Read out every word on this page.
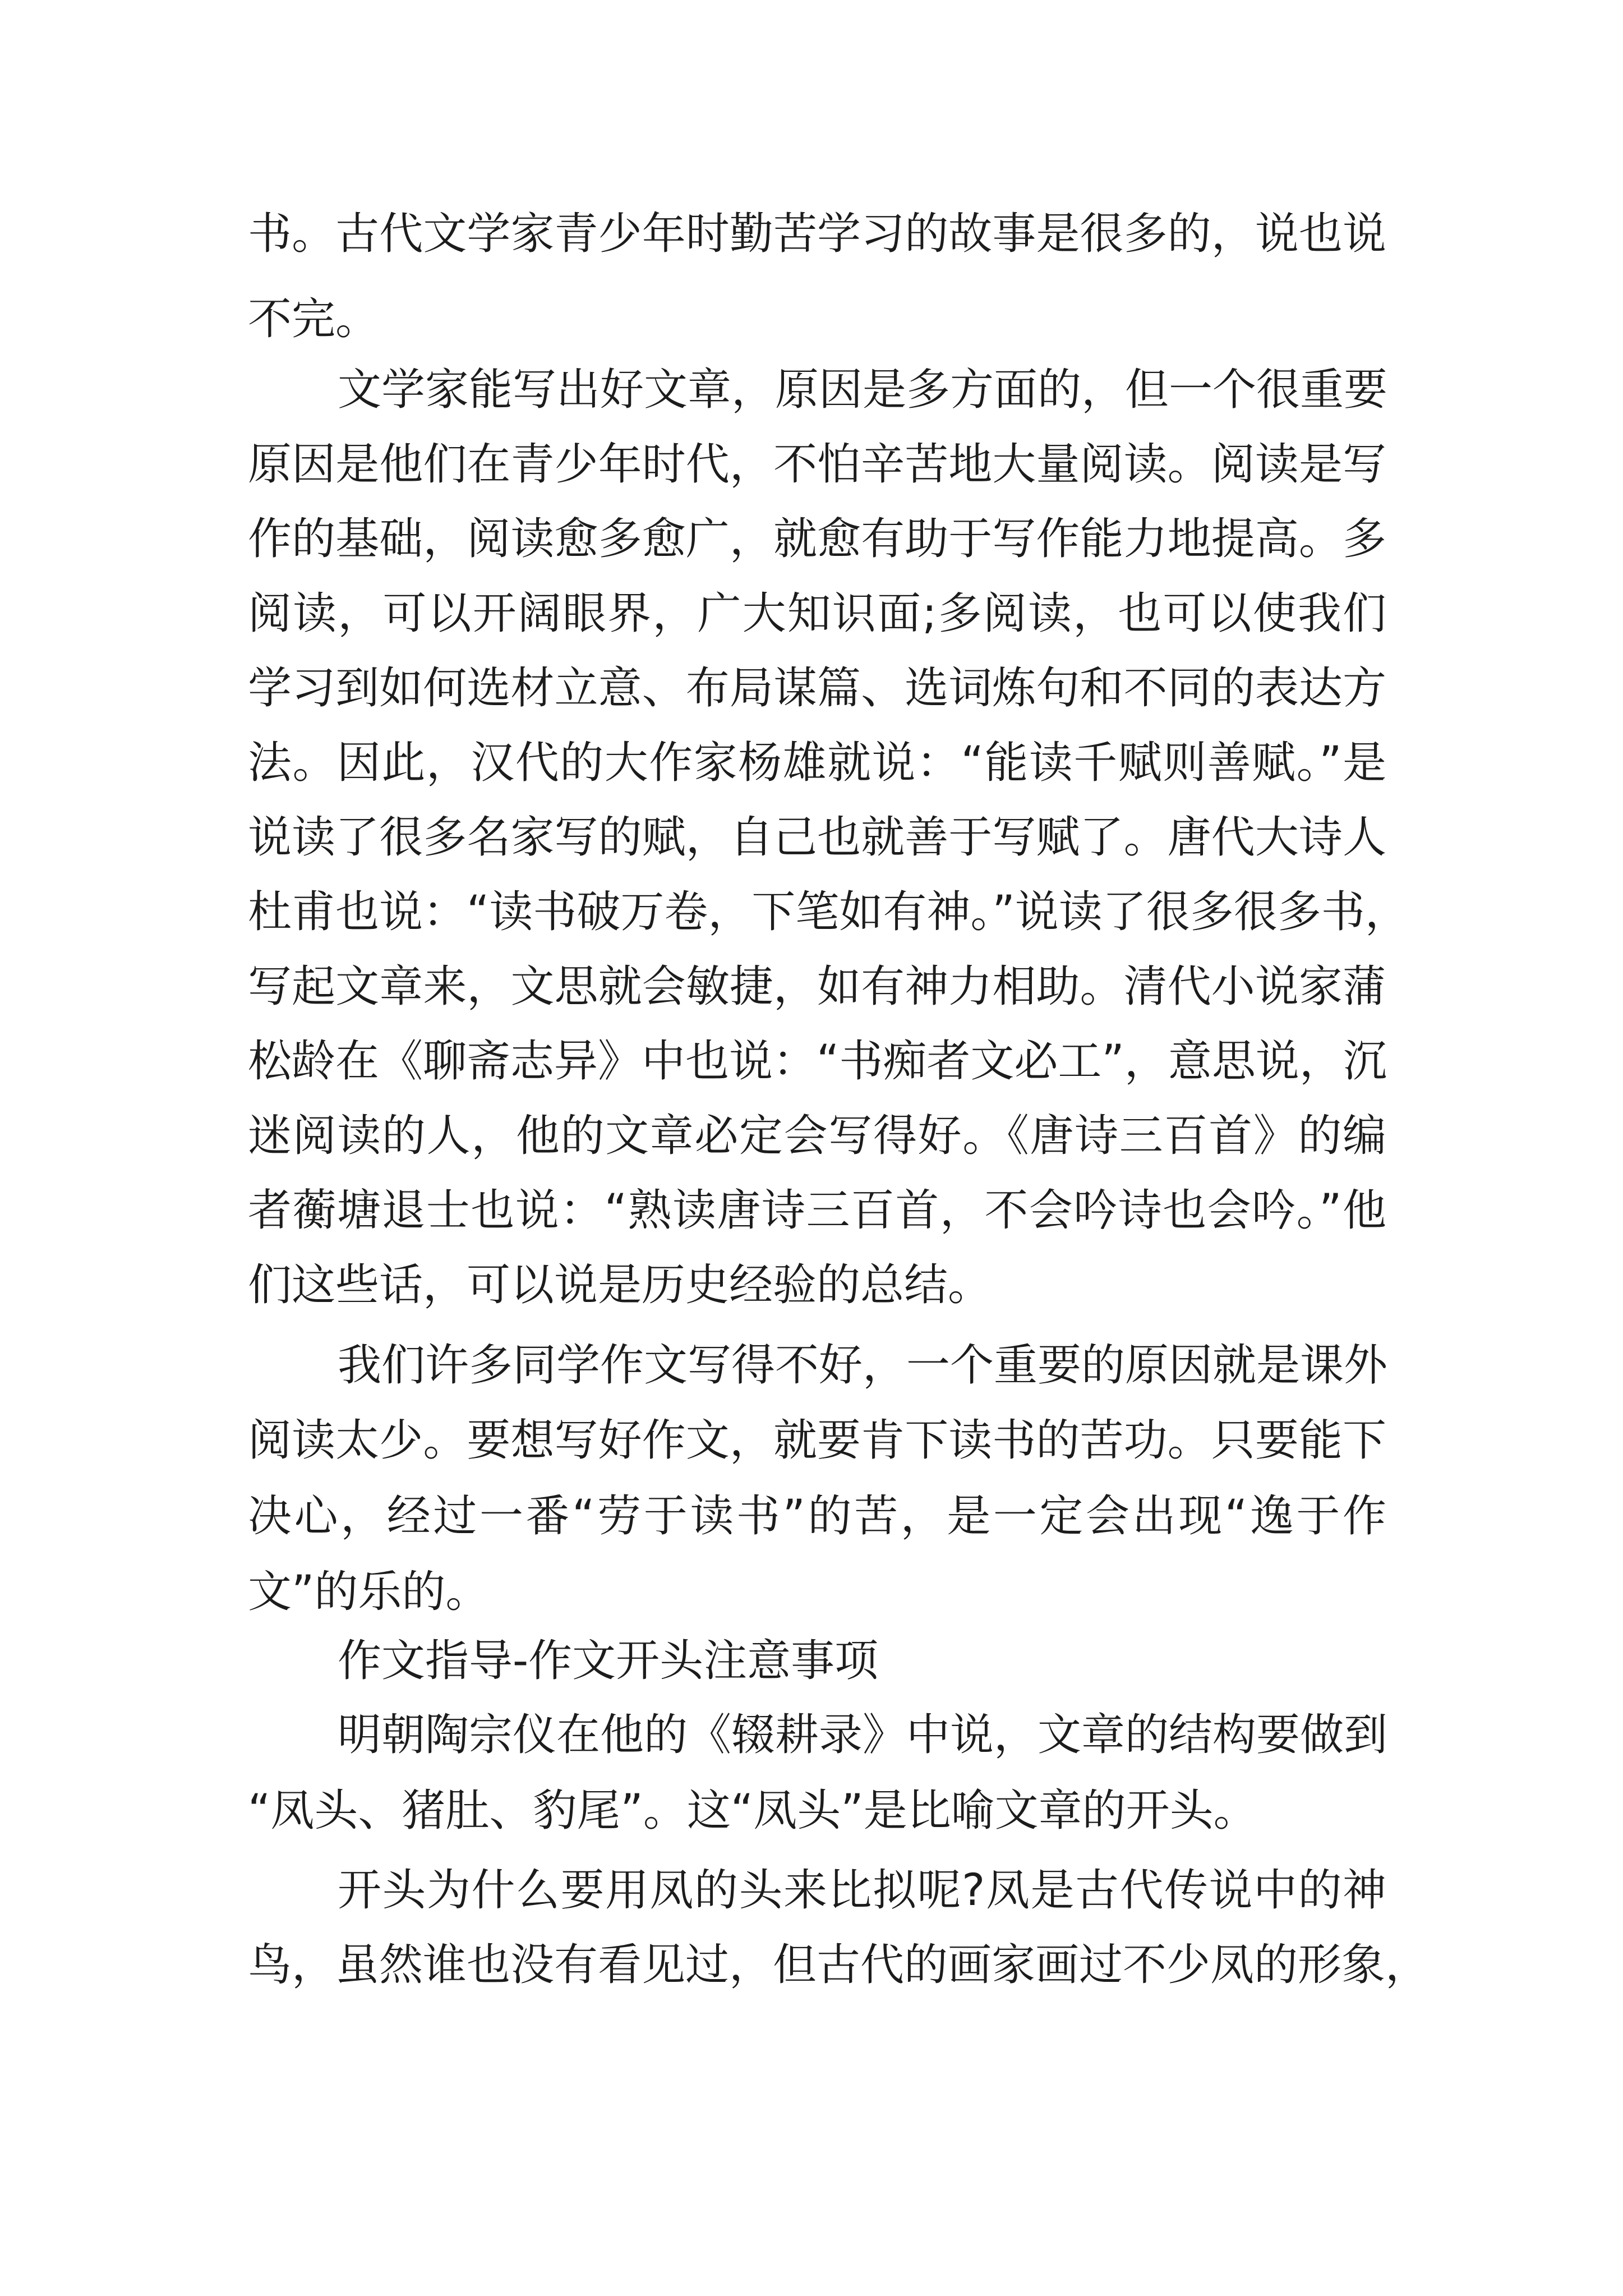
书。古代文学家青少年时勤苦学习的故事是很多的，说也说

不完。

文学家能写出好文章，原因是多方面的，但一个很重要

原因是他们在青少年时代，不怕辛苦地大量阅读。阅读是写

作的基础，阅读愈多愈广，就愈有助于写作能力地提高。多

阅读，可以开阔眼界，广大知识面;多阅读，也可以使我们

学习到如何选材立意、布局谋篇、选词炼句和不同的表达方

法。因此，汉代的大作家杨雄就说：“能读千赋则善赋。”是

说读了很多名家写的赋，自己也就善于写赋了。唐代大诗人

杜甫也说：“读书破万卷，下笔如有神。”说读了很多很多书，

写起文章来，文思就会敏捷，如有神力相助。清代小说家蒲

松龄在《聊斋志异》中也说：“书痴者文必工”，意思说，沉

迷阅读的人，他的文章必定会写得好。《唐诗三百首》的编

者蘅塘退士也说：“熟读唐诗三百首，不会吟诗也会吟。”他

们这些话，可以说是历史经验的总结。

我们许多同学作文写得不好，一个重要的原因就是课外

阅读太少。要想写好作文，就要肯下读书的苦功。只要能下

决心，经过一番“劳于读书”的苦，是一定会出现“逸于作

文”的乐的。

作文指导-作文开头注意事项

明朝陶宗仪在他的《辍耕录》中说，文章的结构要做到

“凤头、猪肚、豹尾”。这“凤头”是比喻文章的开头。

开头为什么要用凤的头来比拟呢?凤是古代传说中的神

鸟，虽然谁也没有看见过，但古代的画家画过不少凤的形象，
